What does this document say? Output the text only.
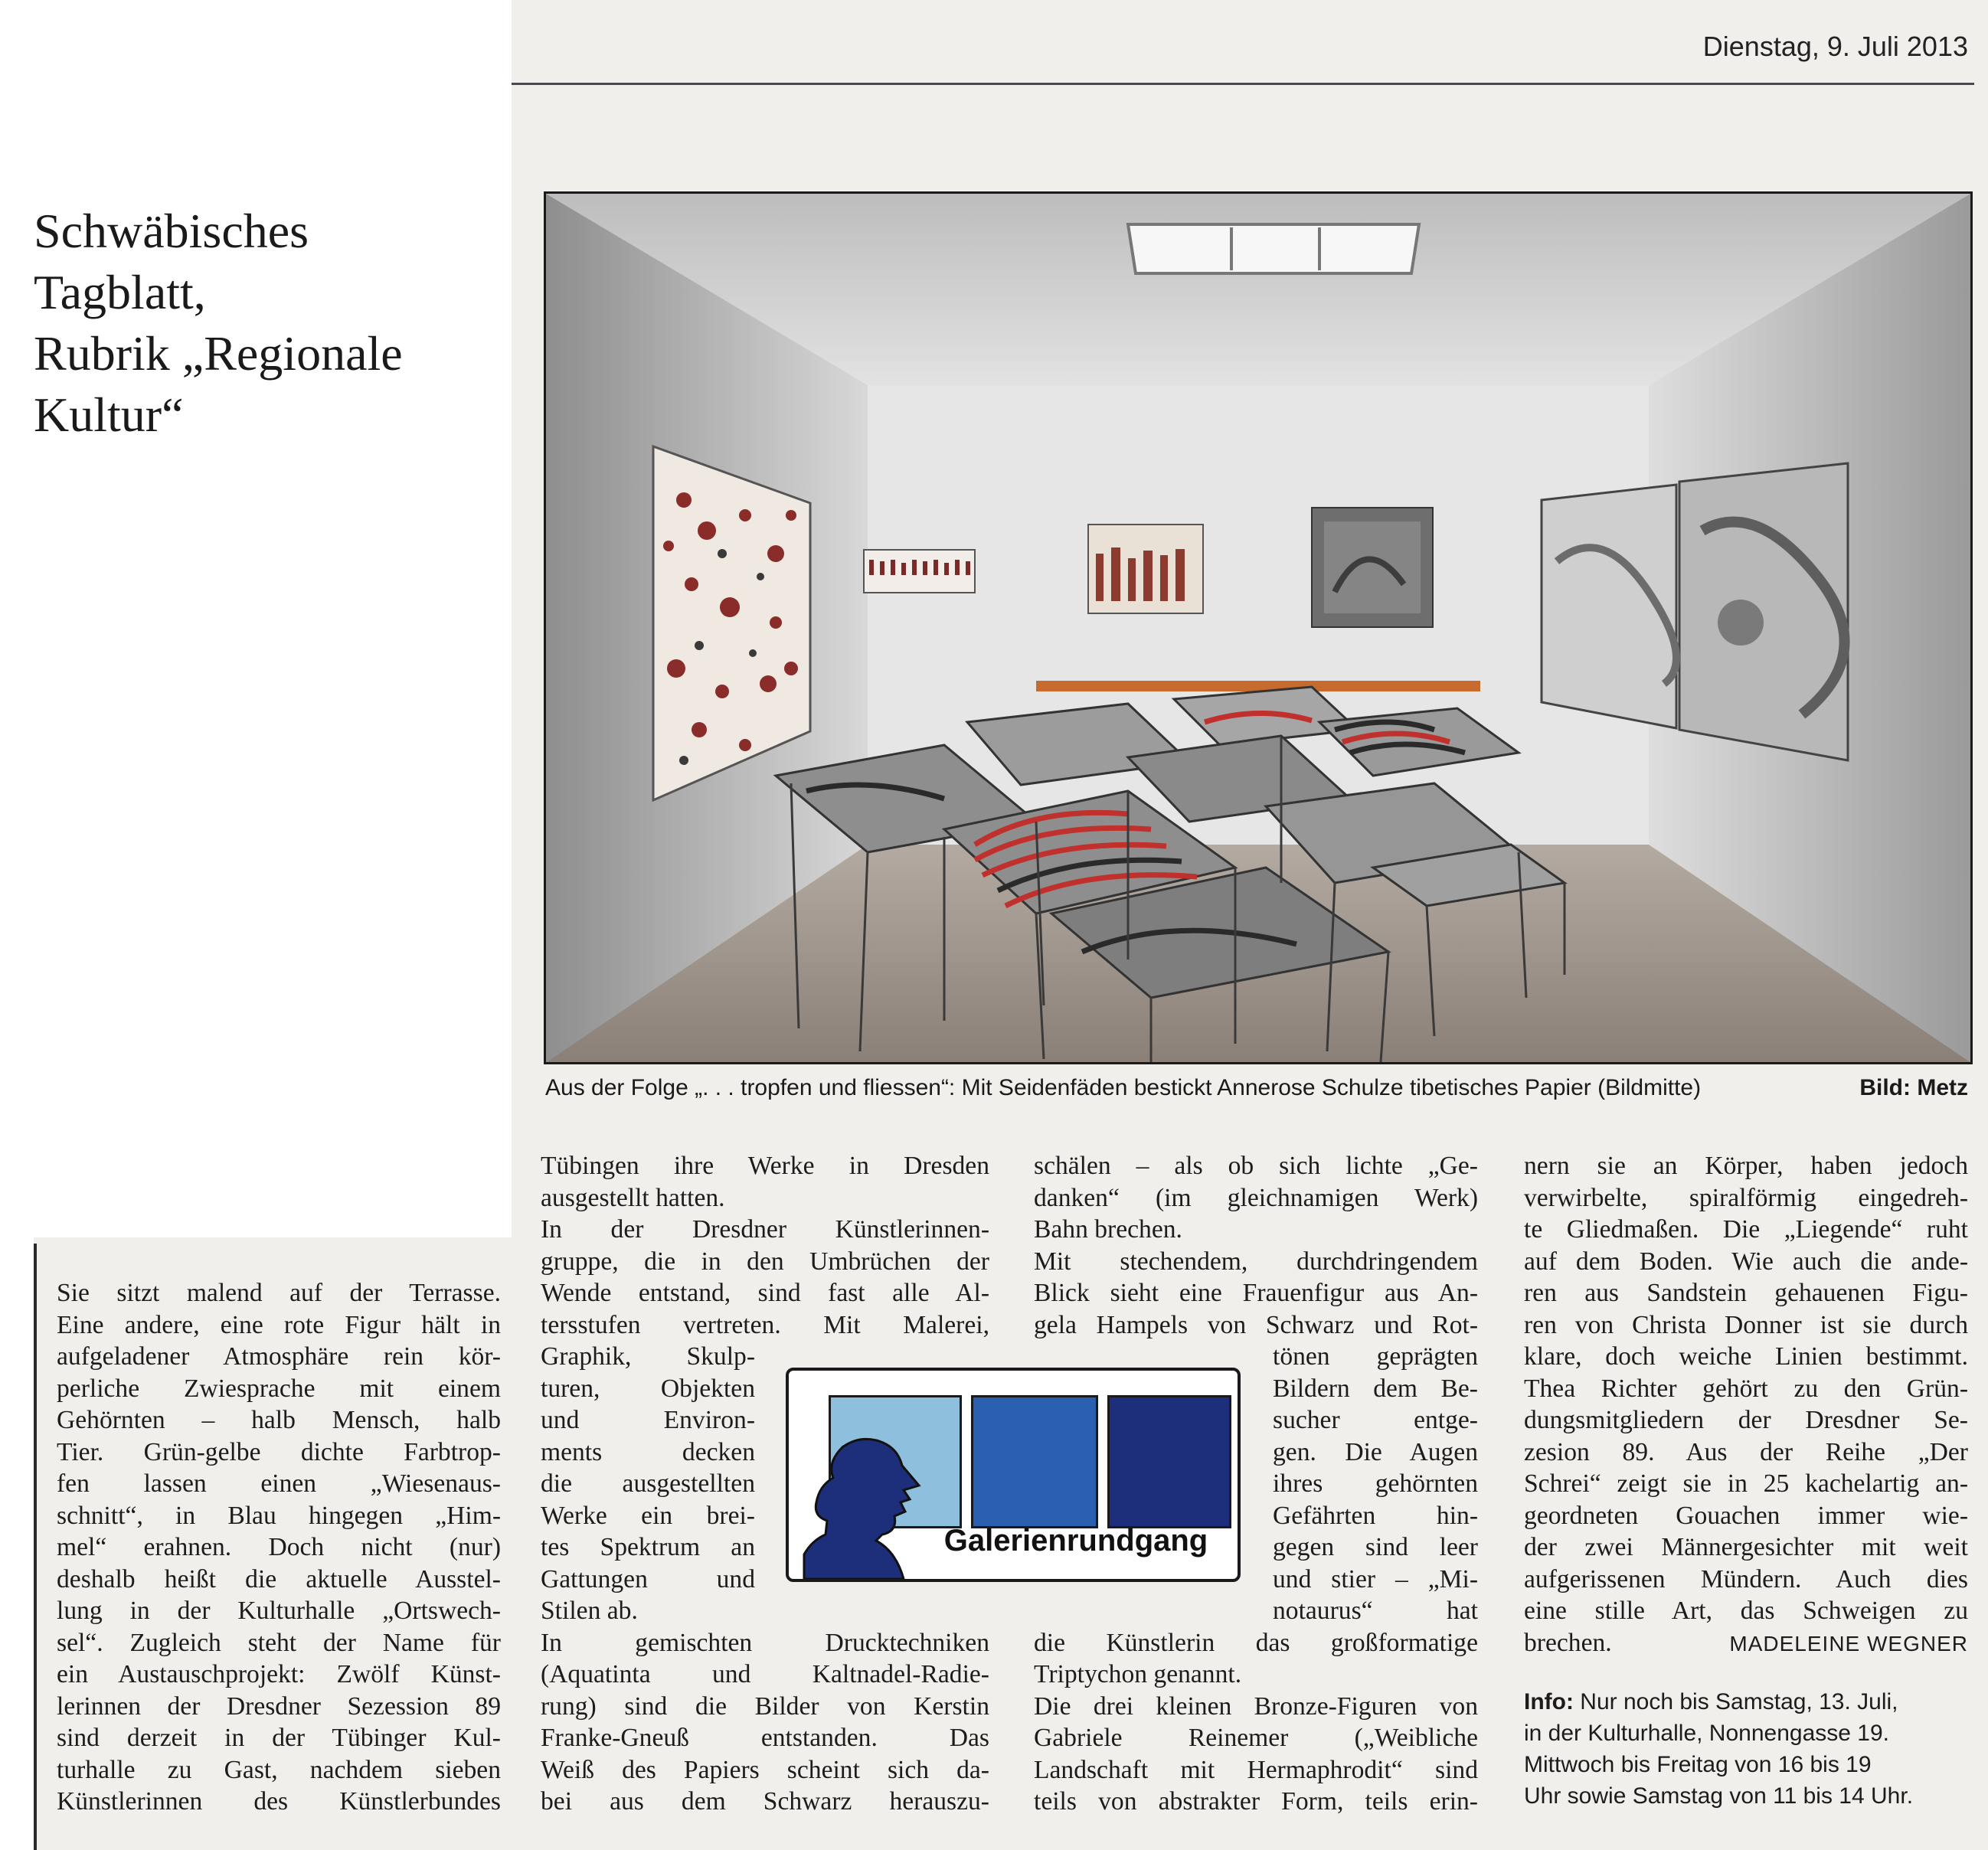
Schwäbisches
Tagblatt,
Rubrik „Regionale
Kultur“
Dienstag, 9. Juli 2013
Aus der Folge „. . . tropfen und fliessen“: Mit Seidenfäden bestickt Annerose Schulze tibetisches Papier (Bildmitte)	Bild: Metz
Sie sitzt malend auf der Terrasse.
Eine andere, eine rote Figur hält in
aufgeladener Atmosphäre rein kör-
perliche Zwiesprache mit einem
Gehörnten – halb Mensch, halb
Tier. Grün-gelbe dichte Farbtrop-
fen lassen einen „Wiesenaus-
schnitt“, in Blau hingegen „Him-
mel“ erahnen. Doch nicht (nur)
deshalb heißt die aktuelle Ausstel-
lung in der Kulturhalle „Ortswech-
sel“. Zugleich steht der Name für
ein Austauschprojekt: Zwölf Künst-
lerinnen der Dresdner Sezession 89
sind derzeit in der Tübinger Kul-
turhalle zu Gast, nachdem sieben
Künstlerinnen des Künstlerbundes
Tübingen ihre Werke in Dresden
ausgestellt hatten.
In der Dresdner Künstlerinnen-
gruppe, die in den Umbrüchen der
Wende entstand, sind fast alle Al-
tersstufen vertreten. Mit Malerei,
Graphik, Skulp-
turen, Objekten
und Environ-
ments decken
die ausgestellten
Werke ein brei-
tes Spektrum an
Gattungen und
Stilen ab.
In gemischten Drucktechniken
(Aquatinta und Kaltnadel-Radie-
rung) sind die Bilder von Kerstin
Franke-Gneuß entstanden. Das
Weiß des Papiers scheint sich da-
bei aus dem Schwarz herauszu-
schälen – als ob sich lichte „Ge-
danken“ (im gleichnamigen Werk)
Bahn brechen.
Mit stechendem, durchdringendem
Blick sieht eine Frauenfigur aus An-
gela Hampels von Schwarz und Rot-
tönen geprägten
Bildern dem Be-
sucher entge-
gen. Die Augen
ihres gehörnten
Gefährten hin-
gegen sind leer
und stier – „Mi-
notaurus“ hat
die Künstlerin das großformatige
Triptychon genannt.
Die drei kleinen Bronze-Figuren von
Gabriele Reinemer („Weibliche
Landschaft mit Hermaphrodit“ sind
teils von abstrakter Form, teils erin-
nern sie an Körper, haben jedoch
verwirbelte, spiralförmig eingedreh-
te Gliedmaßen. Die „Liegende“ ruht
auf dem Boden. Wie auch die ande-
ren aus Sandstein gehauenen Figu-
ren von Christa Donner ist sie durch
klare, doch weiche Linien bestimmt.
Thea Richter gehört zu den Grün-
dungsmitgliedern der Dresdner Se-
zesion 89. Aus der Reihe „Der
Schrei“ zeigt sie in 25 kachelartig an-
geordneten Gouachen immer wie-
der zwei Männergesichter mit weit
aufgerissenen Mündern. Auch dies
eine stille Art, das Schweigen zu
brechen.	MADELEINE WEGNER
Info: Nur noch bis Samstag, 13. Juli,
in der Kulturhalle, Nonnengasse 19.
Mittwoch bis Freitag von 16 bis 19
Uhr sowie Samstag von 11 bis 14 Uhr.
Galerienrundgang
